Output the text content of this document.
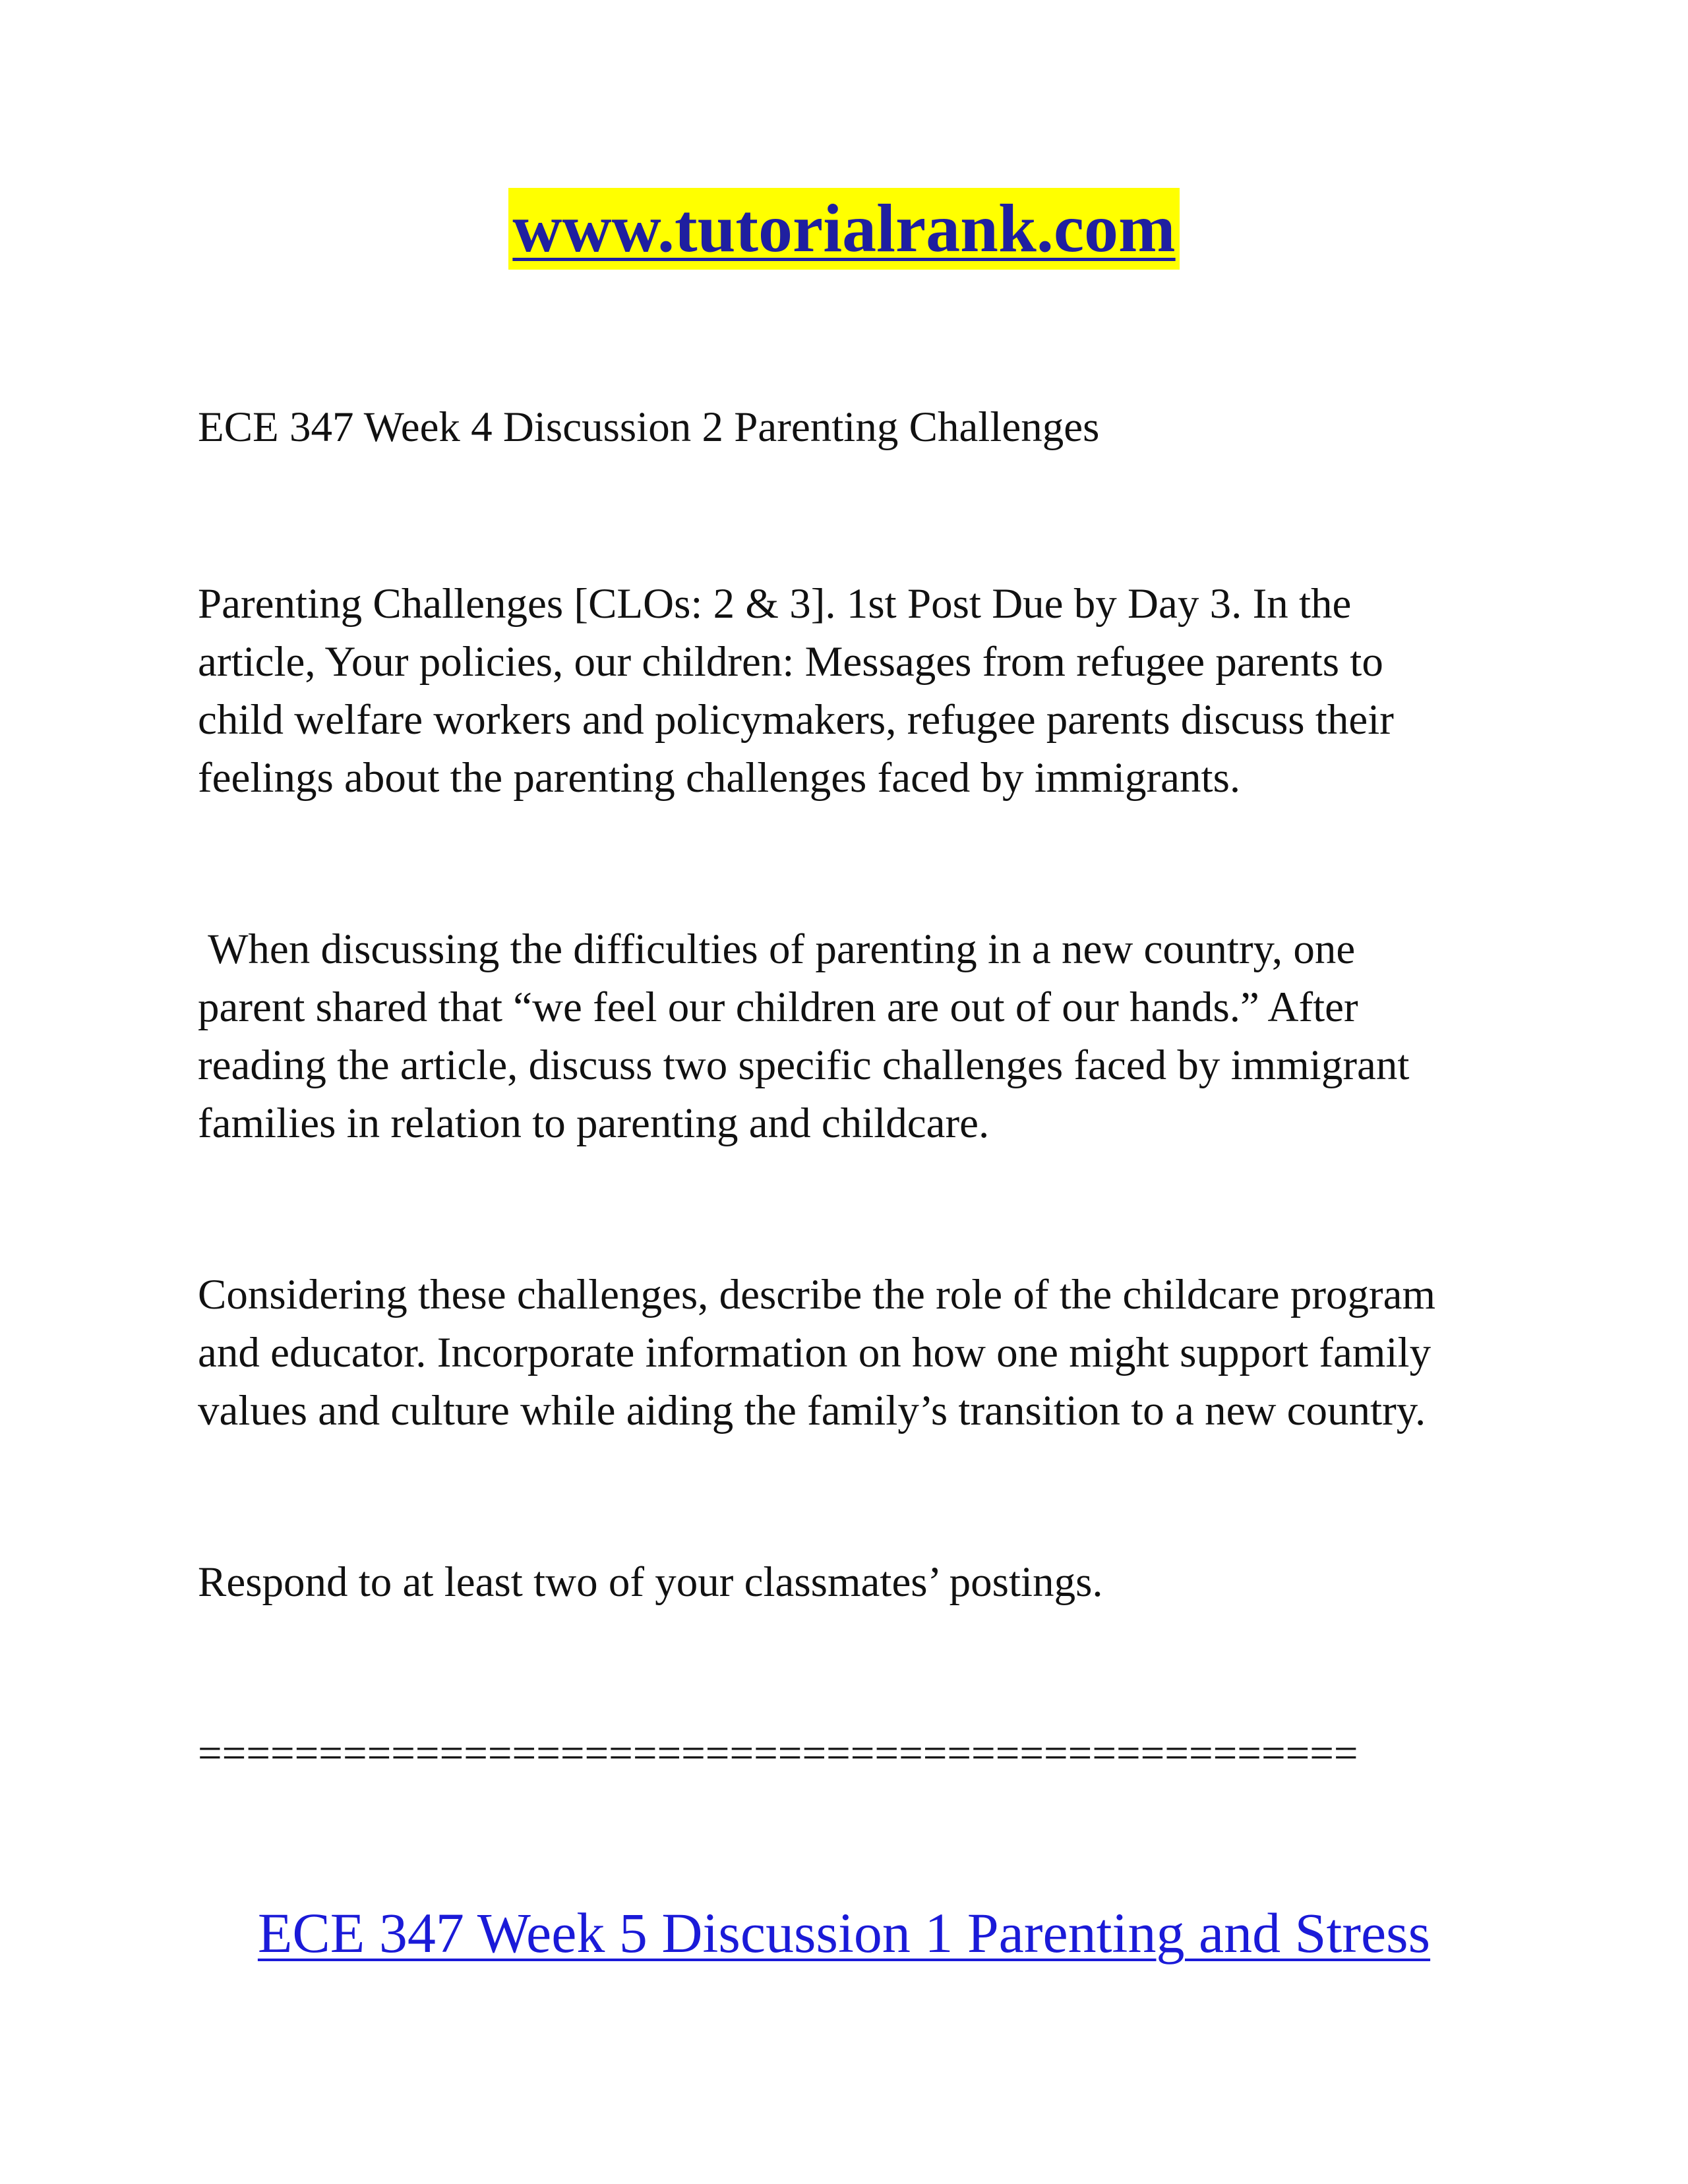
www.tutorialrank.com
ECE 347 Week 4 Discussion 2 Parenting Challenges

Parenting Challenges [CLOs: 2 & 3]. 1st Post Due by Day 3. In the
article, Your policies, our children: Messages from refugee parents to
child welfare workers and policymakers, refugee parents discuss their
feelings about the parenting challenges faced by immigrants.

When discussing the difficulties of parenting in a new country, one
parent shared that “we feel our children are out of our hands.” After
reading the article, discuss two specific challenges faced by immigrant
families in relation to parenting and childcare.

Considering these challenges, describe the role of the childcare program
and educator. Incorporate information on how one might support family
values and culture while aiding the family’s transition to a new country.

Respond to at least two of your classmates’ postings.

================================================
ECE 347 Week 5 Discussion 1 Parenting and Stress
